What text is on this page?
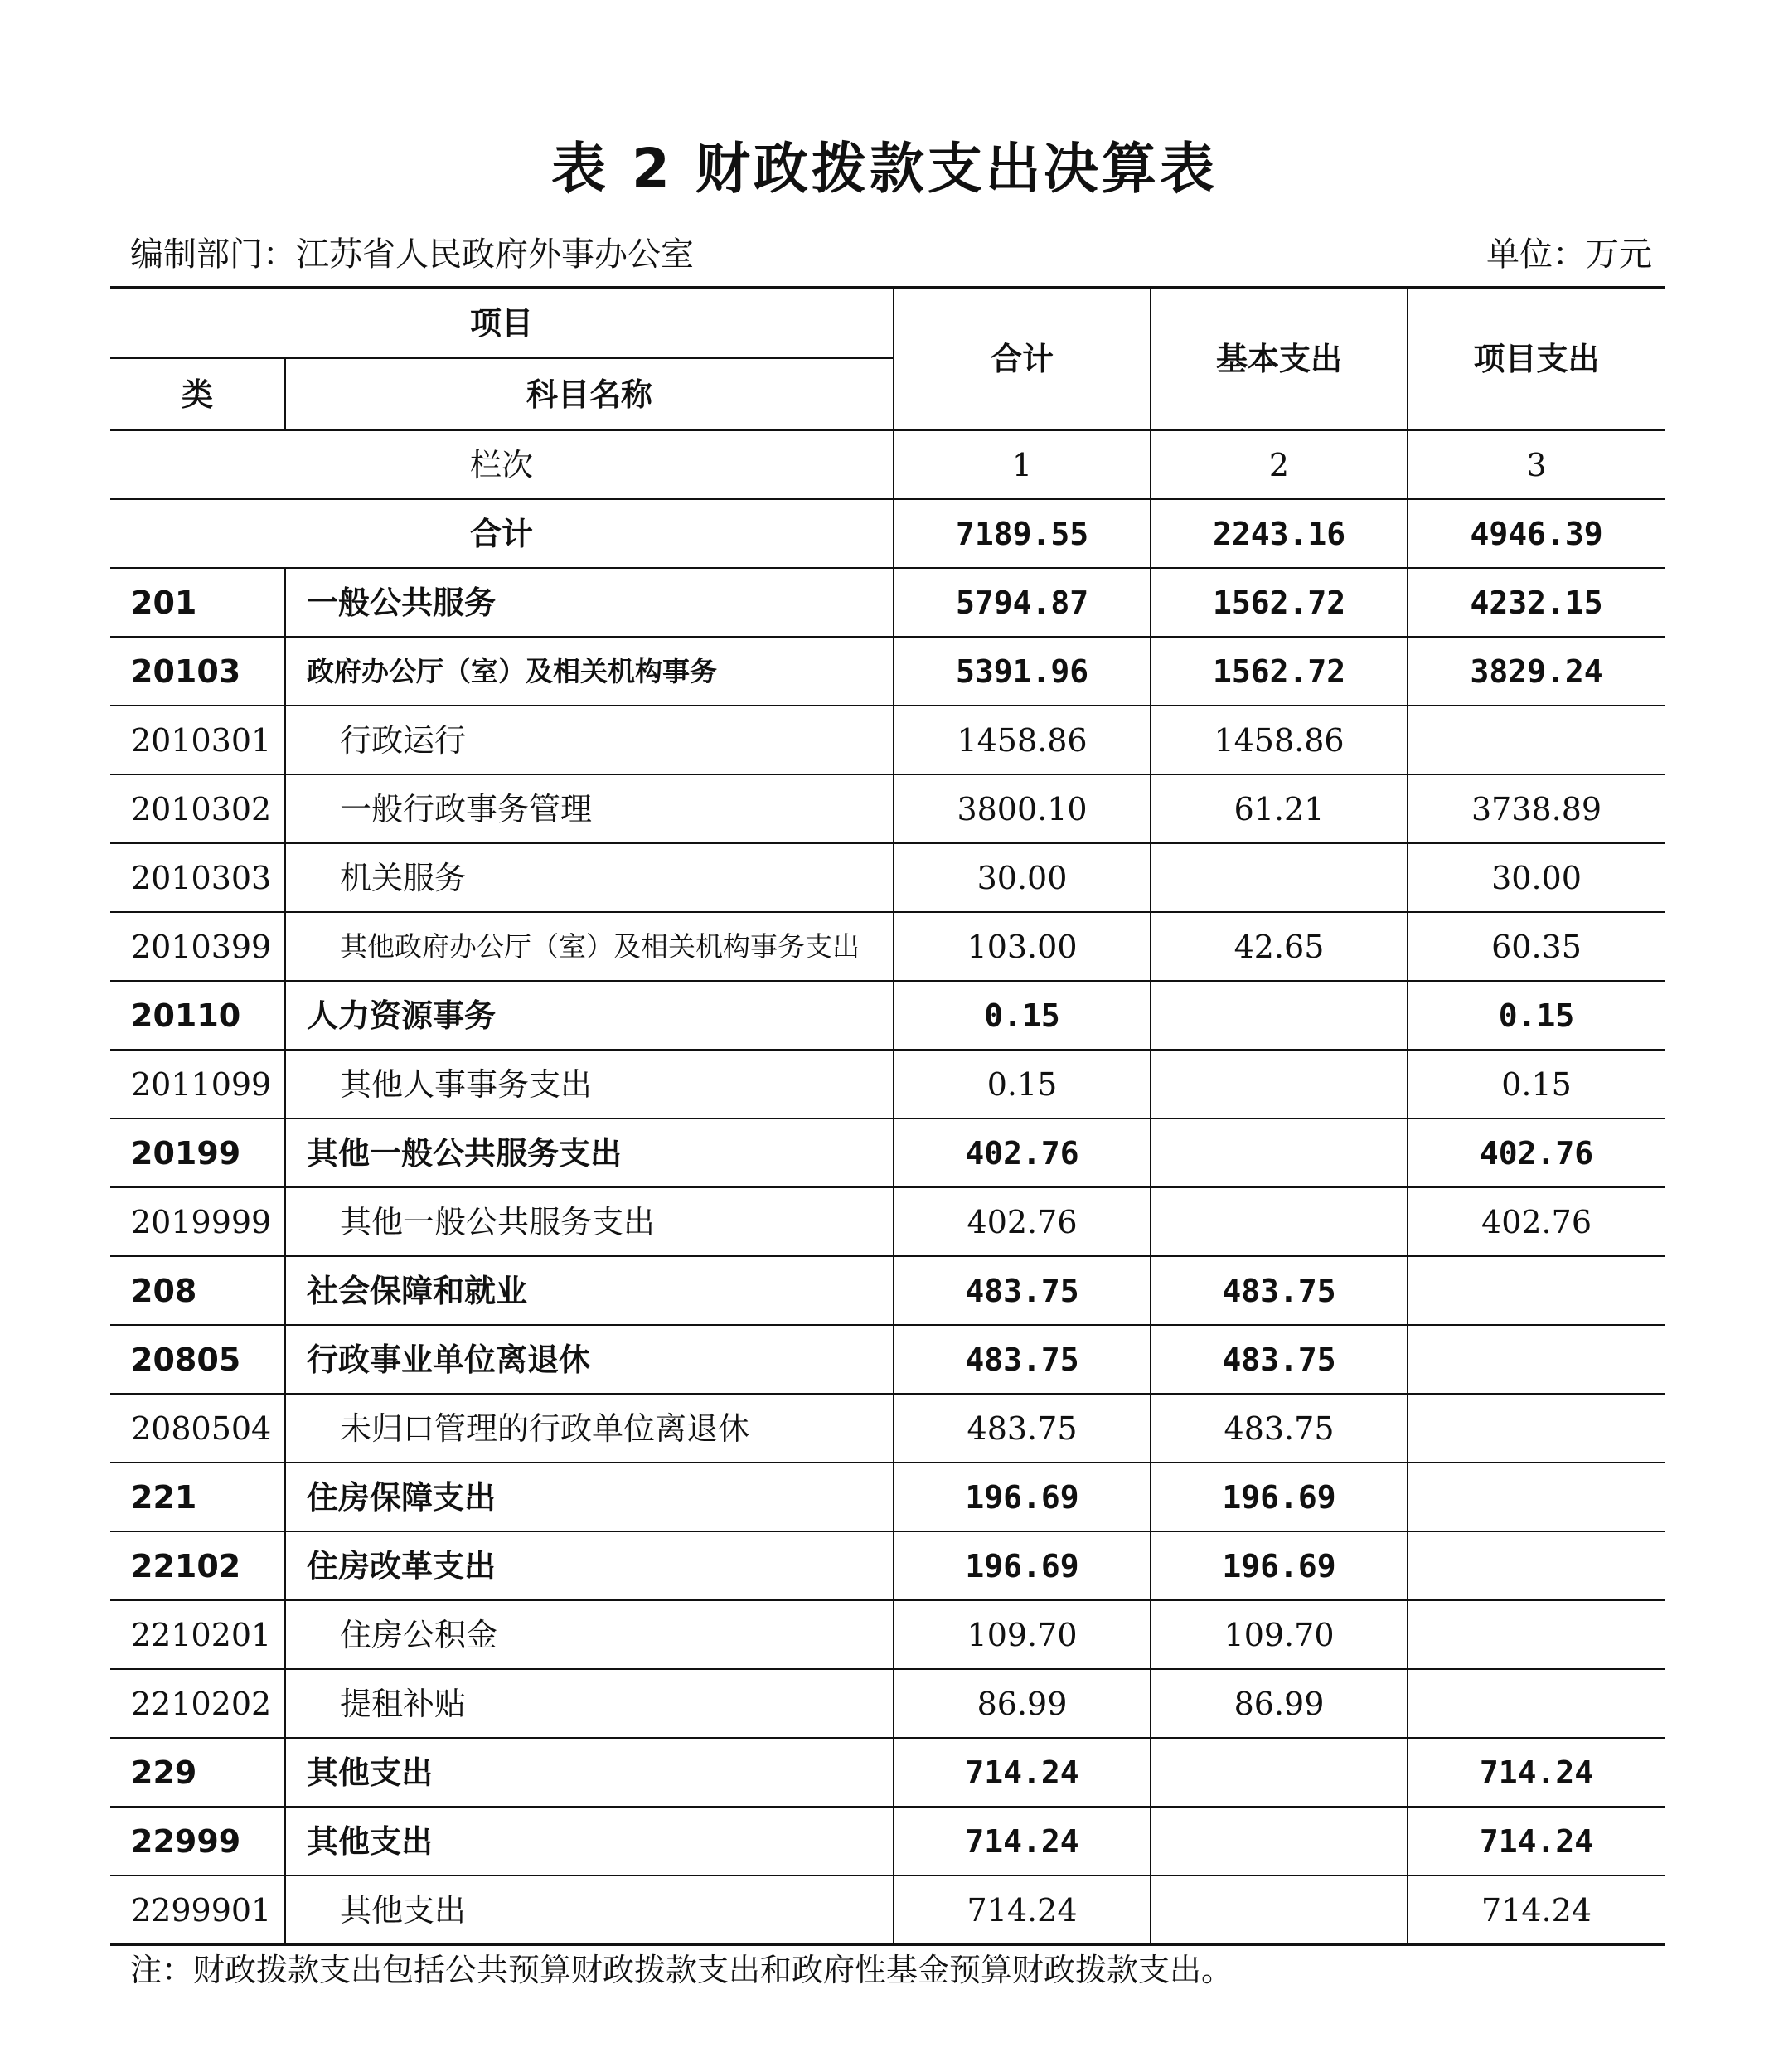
表 2 财政拨款支出决算表
编制部门：江苏省人民政府外事办公室	单位：万元
项目		合计	基本支出	项目支出
类	科目名称			
栏次		1	2	3
合计		7189.55	2243.16	4946.39
201	一般公共服务	5794.87	1562.72	4232.15
20103	政府办公厅（室）及相关机构事务	5391.96	1562.72	3829.24
2010301	行政运行	1458.86	1458.86	
2010302	一般行政事务管理	3800.10	61.21	3738.89
2010303	机关服务	30.00		30.00
2010399	其他政府办公厅（室）及相关机构事务支出	103.00	42.65	60.35
20110	人力资源事务	0.15		0.15
2011099	其他人事事务支出	0.15		0.15
20199	其他一般公共服务支出	402.76		402.76
2019999	其他一般公共服务支出	402.76		402.76
208	社会保障和就业	483.75	483.75	
20805	行政事业单位离退休	483.75	483.75	
2080504	未归口管理的行政单位离退休	483.75	483.75	
221	住房保障支出	196.69	196.69	
22102	住房改革支出	196.69	196.69	
2210201	住房公积金	109.70	109.70	
2210202	提租补贴	86.99	86.99	
229	其他支出	714.24		714.24
22999	其他支出	714.24		714.24
2299901	其他支出	714.24		714.24
注：财政拨款支出包括公共预算财政拨款支出和政府性基金预算财政拨款支出。
